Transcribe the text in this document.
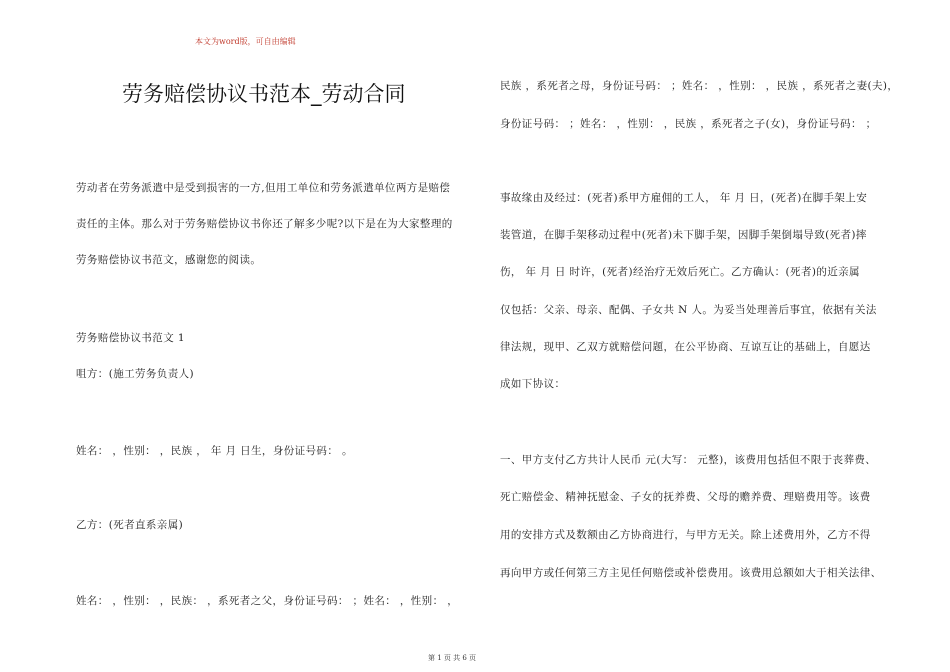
本文为word版，可自由编辑
劳务赔偿协议书范本_劳动合同
劳动者在劳务派遣中是受到损害的一方,但用工单位和劳务派遣单位两方是赔偿
责任的主体。那么对于劳务赔偿协议书你还了解多少呢?以下是在为大家整理的
劳务赔偿协议书范文，感谢您的阅读。
劳务赔偿协议书范文 1
咀方：(施工劳务负责人)
姓名： ，性别： ，民族 ， 年 月 日生，身份证号码： 。
乙方：(死者直系亲属)
姓名： ，性别： ，民族： ，系死者之父，身份证号码： ；姓名： ，性别： ，
民族 ，系死者之母，身份证号码： ；姓名： ，性别： ，民族 ，系死者之妻(夫)，
身份证号码： ；姓名： ，性别： ，民族 ，系死者之子(女)，身份证号码： ；
事故缘由及经过：(死者)系甲方雇佣的工人， 年 月 日，(死者)在脚手架上安
装管道，在脚手架移动过程中(死者)未下脚手架，因脚手架倒塌导致(死者)摔
伤， 年 月 日 时许，(死者)经治疗无效后死亡。乙方确认：(死者)的近亲属
仅包括：父亲、母亲、配偶、子女共 N 人。为妥当处理善后事宜，依据有关法
律法规，现甲、乙双方就赔偿问题，在公平协商、互谅互让的基础上，自愿达
成如下协议：
一、甲方支付乙方共计人民币 元(大写： 元整)，该费用包括但不限于丧葬费、
死亡赔偿金、精神抚慰金、子女的抚养费、父母的赡养费、理赔费用等。该费
用的安排方式及数额由乙方协商进行，与甲方无关。除上述费用外，乙方不得
再向甲方或任何第三方主见任何赔偿或补偿费用。该费用总额如大于相关法律、
第 1 页 共 6 页
